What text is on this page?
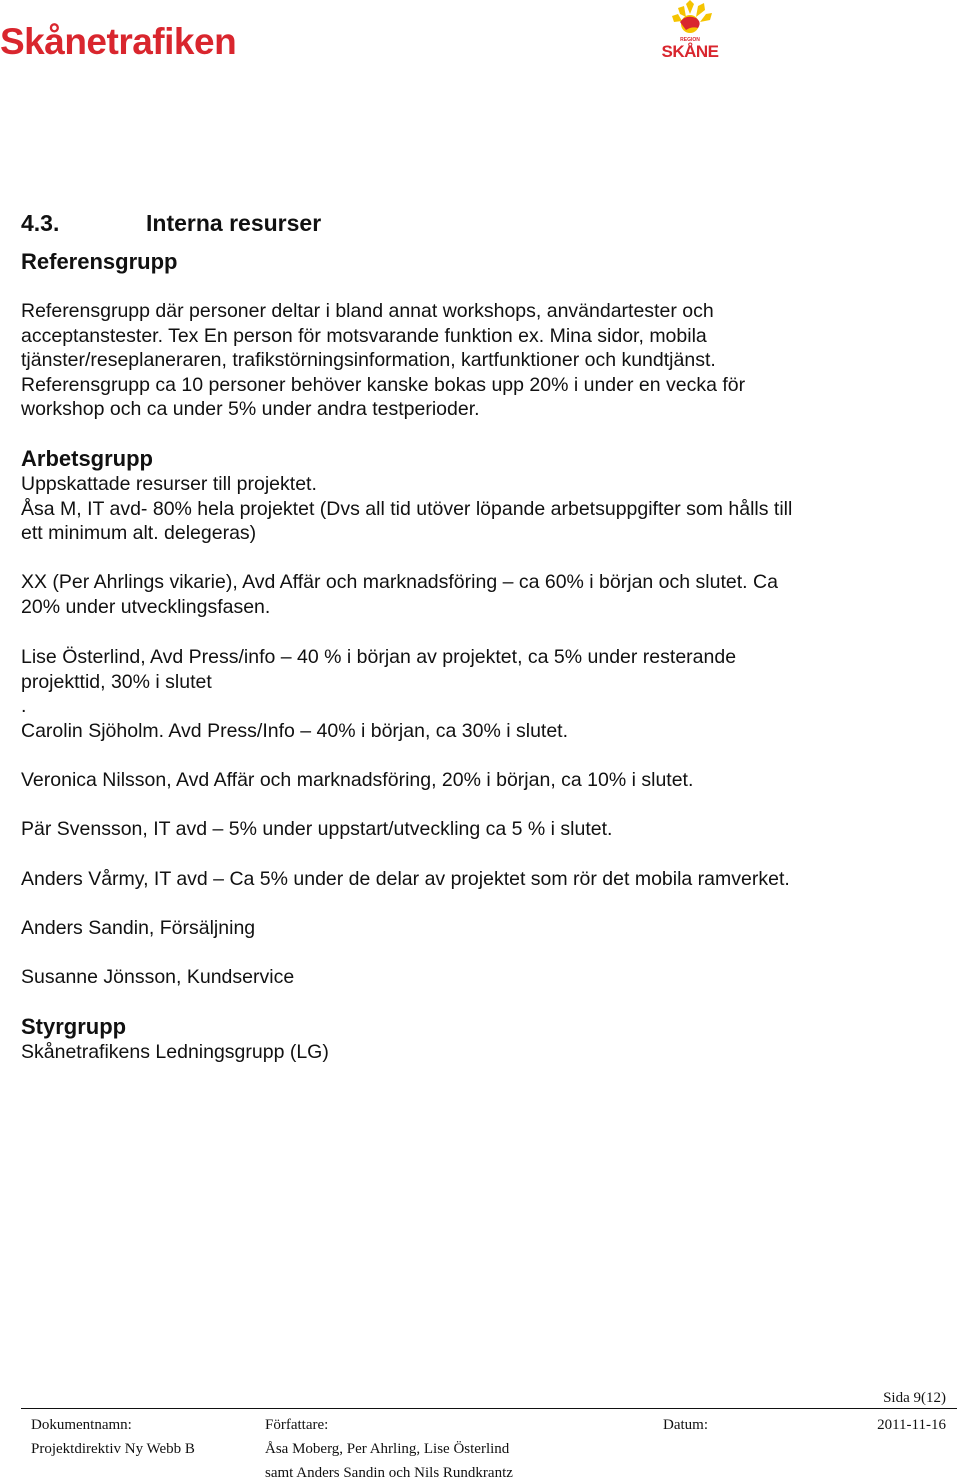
Skånetrafiken	REGION
SKÅNE
4.3.	Interna resurser
Referensgrupp
Referensgrupp där personer deltar i bland annat workshops, användartester och
acceptanstester. Tex En person för motsvarande funktion ex. Mina sidor, mobila
tjänster/reseplaneraren, trafikstörningsinformation, kartfunktioner och kundtjänst.
Referensgrupp ca 10 personer behöver kanske bokas upp 20% i under en vecka för
workshop och ca under 5% under andra testperioder.
Arbetsgrupp
Uppskattade resurser till projektet.
Åsa M, IT avd- 80% hela projektet (Dvs all tid utöver löpande arbetsuppgifter som hålls till
ett minimum alt. delegeras)
XX (Per Ahrlings vikarie), Avd Affär och marknadsföring – ca 60% i början och slutet. Ca
20% under utvecklingsfasen.
Lise Österlind, Avd Press/info – 40 % i början av projektet, ca 5% under resterande
projekttid, 30% i slutet
.
Carolin Sjöholm. Avd Press/Info – 40% i början, ca 30% i slutet.
Veronica Nilsson, Avd Affär och marknadsföring, 20% i början, ca 10% i slutet.
Pär Svensson, IT avd – 5% under uppstart/utveckling ca 5 % i slutet.
Anders Vårmy, IT avd – Ca 5% under de delar av projektet som rör det mobila ramverket.
Anders Sandin, Försäljning
Susanne Jönsson, Kundservice
Styrgrupp
Skånetrafikens Ledningsgrupp (LG)
Sida 9(12)
Dokumentnamn:	Författare:	Datum:	2011-11-16
Projektdirektiv Ny Webb B	Åsa Moberg, Per Ahrling, Lise Österlind
samt Anders Sandin och Nils Rundkrantz
